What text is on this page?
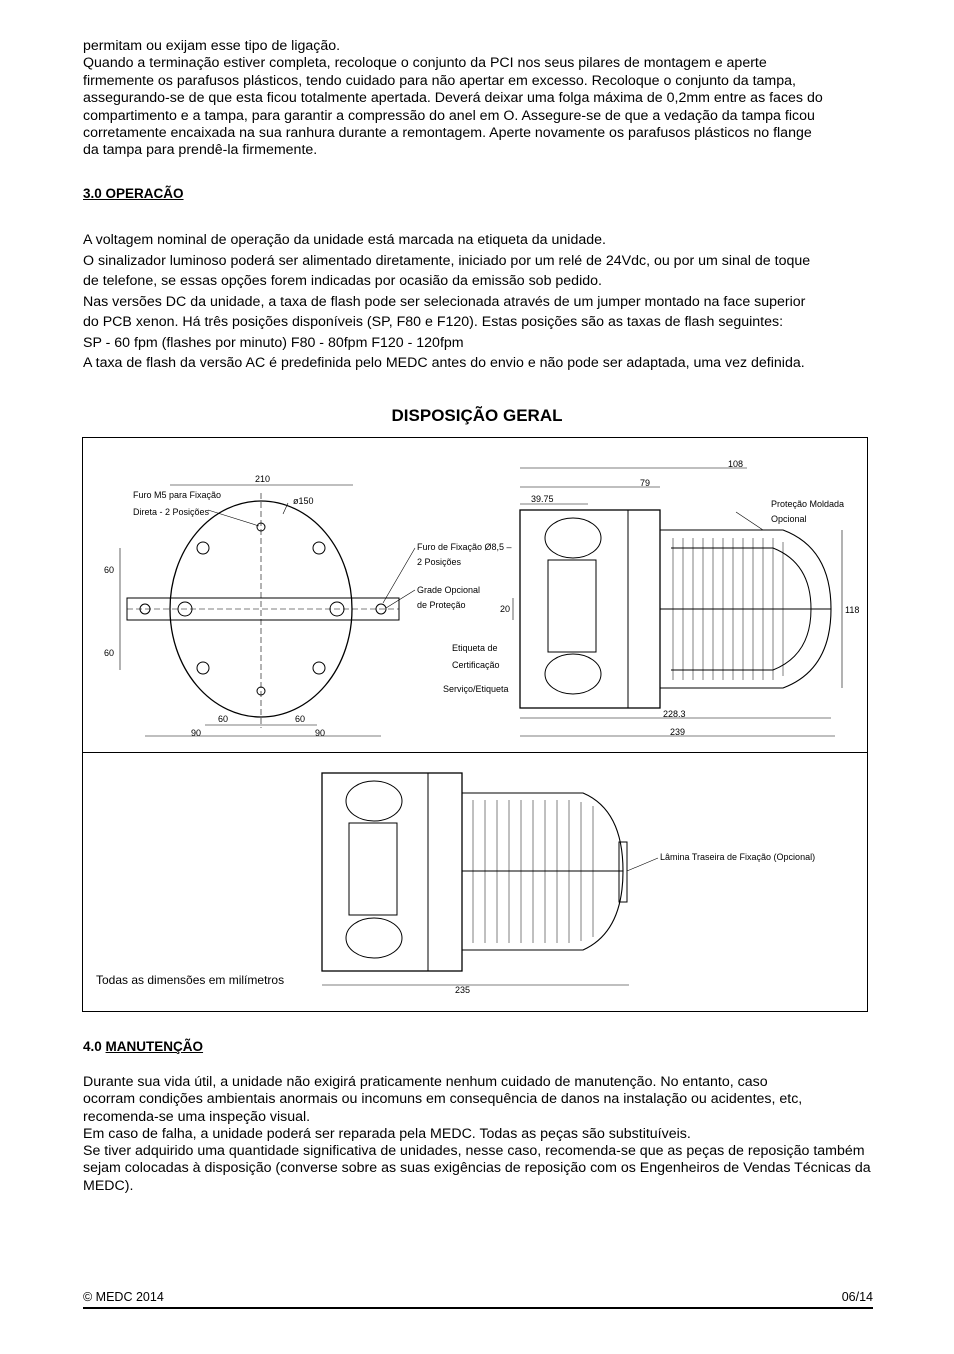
permitam ou exijam esse tipo de ligação.
Quando a terminação estiver completa, recoloque o conjunto da PCI nos seus pilares de montagem e aperte
firmemente os parafusos plásticos, tendo cuidado para não apertar em excesso. Recoloque o conjunto da tampa,
assegurando-se de que esta ficou totalmente apertada. Deverá deixar uma folga máxima de 0,2mm entre as faces do
compartimento e a tampa, para garantir a compressão do anel em O. Assegure-se de que a vedação da tampa ficou
corretamente encaixada na sua ranhura durante a remontagem. Aperte novamente os parafusos plásticos no flange
da tampa para prendê-la firmemente.
3.0 OPERACÃO
A voltagem nominal de operação da unidade está marcada na etiqueta da unidade.
O sinalizador luminoso poderá ser alimentado diretamente, iniciado por um relé de 24Vdc, ou por um sinal de toque
de telefone, se essas opções forem indicadas por ocasião da emissão sob pedido.
Nas versões DC da unidade, a taxa de flash pode ser selecionada através de um jumper montado na face superior
do PCB xenon. Há três posições disponíveis (SP, F80 e F120). Estas posições são as taxas de flash seguintes:
SP - 60 fpm (flashes por minuto) F80 - 80fpm F120 - 120fpm
A taxa de flash da versão AC é predefinida pelo MEDC antes do envio e não pode ser adaptada, uma vez definida.
DISPOSIÇÃO GERAL
Furo M5 para Fixação
Direta - 2 Posições
ø150
210
60
60
60	60
90	90
Furo de Fixação Ø8,5 –
2 Posições
Grade Opcional
de Proteção
Etiqueta de
Certificação
Serviço/Etiqueta
Proteção Moldada
Opcional
108
79
39.75
20	118
228.3
239
Lâmina Traseira de Fixação (Opcional)
235
Todas as dimensões em milímetros
4.0 MANUTENÇÃO
Durante sua vida útil, a unidade não exigirá praticamente nenhum cuidado de manutenção. No entanto, caso
ocorram condições ambientais anormais ou incomuns em consequência de danos na instalação ou acidentes, etc,
recomenda-se uma inspeção visual.
Em caso de falha, a unidade poderá ser reparada pela MEDC. Todas as peças são substituíveis.
Se tiver adquirido uma quantidade significativa de unidades, nesse caso, recomenda-se que as peças de reposição também
sejam colocadas à disposição (converse sobre as suas exigências de reposição com os Engenheiros de Vendas Técnicas da
MEDC).
© MEDC 2014	06/14
